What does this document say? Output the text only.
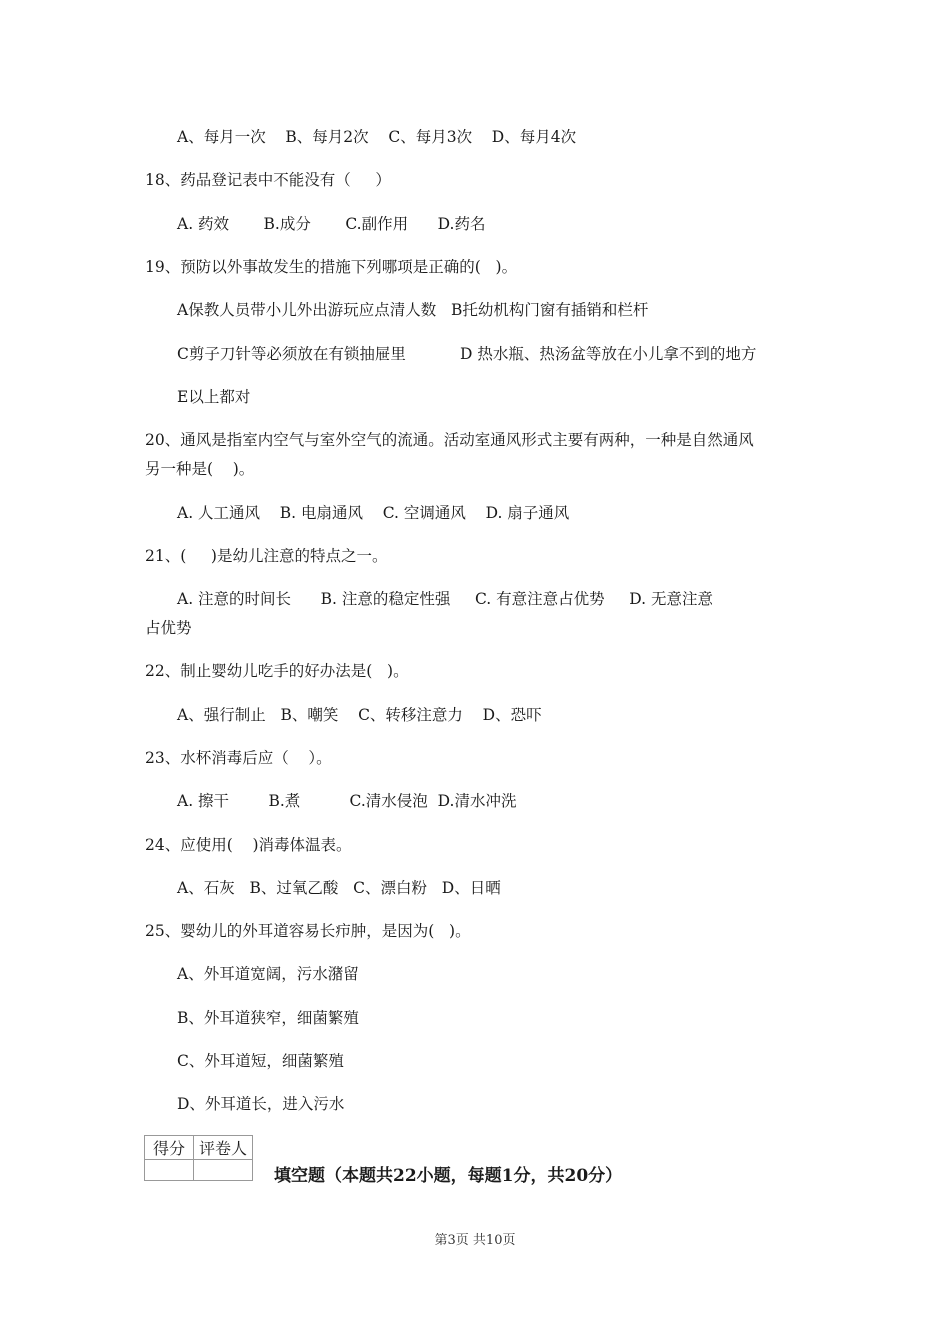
A、每月一次    B、每月2次    C、每月3次    D、每月4次
18、药品登记表中不能没有（     ）
A. 药效       B.成分       C.副作用      D.药名
19、预防以外事故发生的措施下列哪项是正确的(   )。
A保教人员带小儿外出游玩应点清人数   B托幼机构门窗有插销和栏杆
C剪子刀针等必须放在有锁抽屉里           D 热水瓶、热汤盆等放在小儿拿不到的地方
E以上都对
20、通风是指室内空气与室外空气的流通。活动室通风形式主要有两种，一种是自然通风
另一种是(    )。
A. 人工通风    B. 电扇通风    C. 空调通风    D. 扇子通风
21、(     )是幼儿注意的特点之一。
A. 注意的时间长      B. 注意的稳定性强     C. 有意注意占优势     D. 无意注意
占优势
22、制止婴幼儿吃手的好办法是(   )。
A、强行制止   B、嘲笑    C、转移注意力    D、恐吓
23、水杯消毒后应（    ）。
A. 擦干        B.煮          C.清水侵泡  D.清水冲洗
24、应使用(    )消毒体温表。
A、石灰   B、过氧乙酸   C、漂白粉   D、日晒
25、婴幼儿的外耳道容易长疖肿，是因为(   )。
A、外耳道宽阔，污水潴留
B、外耳道狭窄，细菌繁殖
C、外耳道短，细菌繁殖
D、外耳道长，进入污水
得分	评卷人

填空题（本题共22小题，每题1分，共20分）
第3页 共10页
